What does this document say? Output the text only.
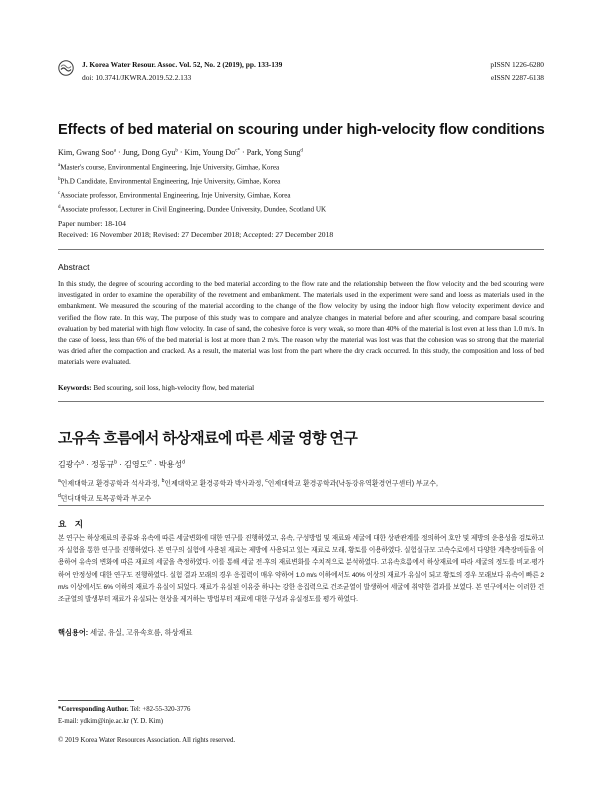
J. Korea Water Resour. Assoc. Vol. 52, No. 2 (2019), pp. 133-139
doi: 10.3741/JKWRA.2019.52.2.133
pISSN 1226-6280
eISSN 2287-6138
Effects of bed material on scouring under high-velocity flow conditions
Kim, Gwang Soo$^a$ · Jung, Dong Gyu$^b$ · Kim, Young $Do^{c*}$ · Park, Yong Sung$^d$
$^a$Master's course, Environmental Engineering, Inje University, Gimhae, Korea
$^b$Ph.D Candidate, Environmental Engineering, Inje University, Gimhae, Korea
$^c$Associate professor, Environmental Engineering, Inje University, Gimhae, Korea
$^d$Associate professor, Lecturer in Civil Engineering, Dundee University, Dundee, Scotland UK
Paper number: 18-104
Received: 16 November 2018; Revised: 27 December 2018; Accepted: 27 December 2018
Abstract
In this study, the degree of scouring according to the bed material according to the flow rate and the relationship between the flow velocity and the bed scouring were investigated in order to examine the operability of the revetment and embankment. The materials used in the experiment were sand and loess as materials used in the embankment. We measured the scouring of the material according to the change of the flow velocity by using the indoor high flow velocity experiment device and verified the flow rate. In this way, The purpose of this study was to compare and analyze changes in material before and after scouring, and compare basal scouring evaluation by bed material with high flow velocity. In case of sand, the cohesive force is very weak, so more than 40% of the material is lost even at less than 1.0 m/s. In the case of loess, less than 6% of the bed material is lost at more than 2 m/s. The reason why the material was lost was that the cohesion was so strong that the material was dried after the compaction and cracked. As a result, the material was lost from the part where the dry crack occurred. In this study, the composition and loss of bed materials were evaluated.
Keywords: Bed scouring, soil loss, high-velocity flow, bed material
고유속 흐름에서 하상재료에 따른 세굴 영향 연구
김광수$^a$ · 정동규$^b$ · 김영도$^{c*}$ · 박용성$^d$
$^a$인제대학교 환경공학과 석사과정, $^b$인제대학교 환경공학과 박사과정, $^c$인제대학교 환경공학과(낙동강유역환경연구센터) 부교수,
$^d$던디대학교 토목공학과 부교수
요 지
본 연구는 하상재료의 종류와 유속에 따른 세굴변화에 대한 연구를 진행하였고, 유속, 구성방법 및 재료와 세굴에 대한 상관관계를 정의하여 호안 및 제방의 운용성을 검토하고자 실험을 통한 연구를 진행하였다. 본 연구의 실험에 사용된 재료는 제방에 사용되고 있는 재료로 모래, 황토를 이용하였다. 실험실규모 고속수로에서 다양한 계측장비들을 이용하여 유속의 변화에 따른 재료의 세굴을 측정하였다. 이를 통해 세굴 전·후의 재료변화를 수치적으로 분석하였다. 고유속흐름에서 하상재료에 따라 세굴의 정도를 비교·평가하여 안정성에 대한 연구도 진행하였다. 실험 결과 모래의 경우 응집력이 매우 약하여 1.0 m/s 이하에서도 40% 이상의 재료가 유실이 되고 황토의 경우 모래보다 유속이 빠른 2 m/s 이상에서도 6% 이하의 재료가 유실이 되었다. 재료가 유실된 이유중 하나는 강한 응집력으로 건조균열이 발생하여 세굴에 취약한 결과를 보였다. 본 연구에서는 이러한 건조균열의 발생부터 재료가 유실되는 현상을 제거하는 방법부터 재료에 대한 구성과 유실정도를 평가 하였다.
핵심용어: 세굴, 유실, 고유속흐름, 하상재료
*Corresponding Author. Tel: +82-55-320-3776
E-mail: ydkim@inje.ac.kr (Y. D. Kim)
© 2019 Korea Water Resources Association. All rights reserved.
